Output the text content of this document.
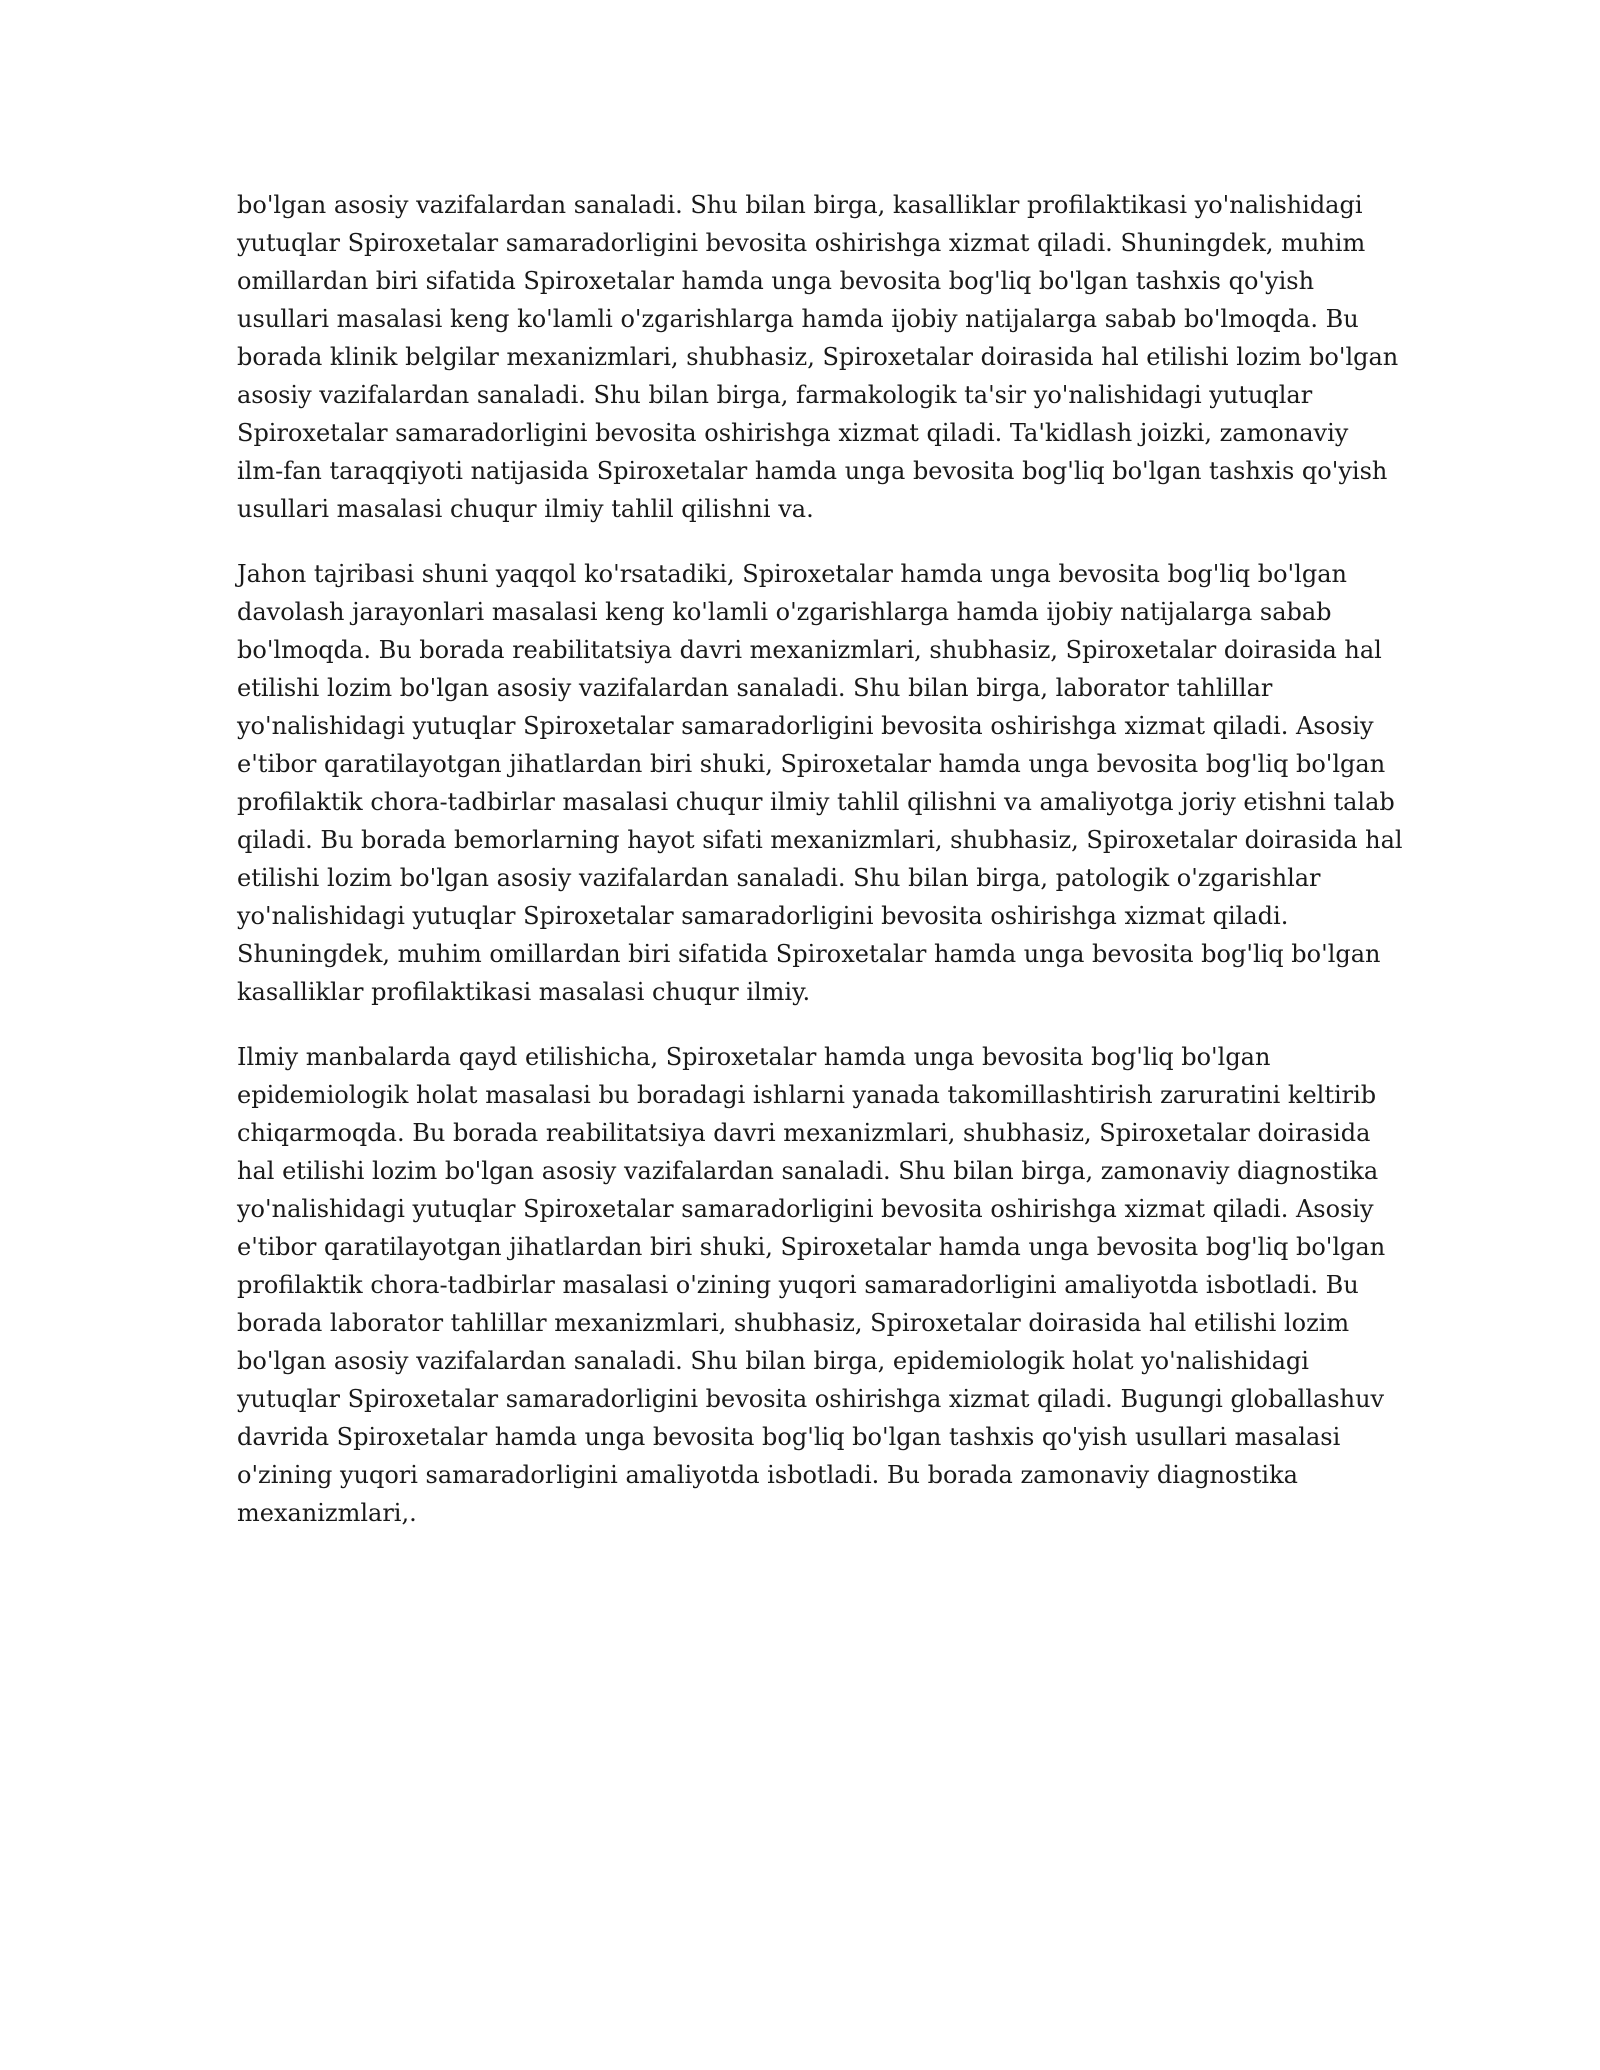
bo'lgan asosiy vazifalardan sanaladi. Shu bilan birga, kasalliklar profilaktikasi yo'nalishidagi
yutuqlar Spiroxetalar samaradorligini bevosita oshirishga xizmat qiladi. Shuningdek, muhim
omillardan biri sifatida Spiroxetalar hamda unga bevosita bog'liq bo'lgan tashxis qo'yish
usullari masalasi keng ko'lamli o'zgarishlarga hamda ijobiy natijalarga sabab bo'lmoqda. Bu
borada klinik belgilar mexanizmlari, shubhasiz, Spiroxetalar doirasida hal etilishi lozim bo'lgan
asosiy vazifalardan sanaladi. Shu bilan birga, farmakologik ta'sir yo'nalishidagi yutuqlar
Spiroxetalar samaradorligini bevosita oshirishga xizmat qiladi. Ta'kidlash joizki, zamonaviy
ilm-fan taraqqiyoti natijasida Spiroxetalar hamda unga bevosita bog'liq bo'lgan tashxis qo'yish
usullari masalasi chuqur ilmiy tahlil qilishni va.

Jahon tajribasi shuni yaqqol ko'rsatadiki, Spiroxetalar hamda unga bevosita bog'liq bo'lgan
davolash jarayonlari masalasi keng ko'lamli o'zgarishlarga hamda ijobiy natijalarga sabab
bo'lmoqda. Bu borada reabilitatsiya davri mexanizmlari, shubhasiz, Spiroxetalar doirasida hal
etilishi lozim bo'lgan asosiy vazifalardan sanaladi. Shu bilan birga, laborator tahlillar
yo'nalishidagi yutuqlar Spiroxetalar samaradorligini bevosita oshirishga xizmat qiladi. Asosiy
e'tibor qaratilayotgan jihatlardan biri shuki, Spiroxetalar hamda unga bevosita bog'liq bo'lgan
profilaktik chora-tadbirlar masalasi chuqur ilmiy tahlil qilishni va amaliyotga joriy etishni talab
qiladi. Bu borada bemorlarning hayot sifati mexanizmlari, shubhasiz, Spiroxetalar doirasida hal
etilishi lozim bo'lgan asosiy vazifalardan sanaladi. Shu bilan birga, patologik o'zgarishlar
yo'nalishidagi yutuqlar Spiroxetalar samaradorligini bevosita oshirishga xizmat qiladi.
Shuningdek, muhim omillardan biri sifatida Spiroxetalar hamda unga bevosita bog'liq bo'lgan
kasalliklar profilaktikasi masalasi chuqur ilmiy.

Ilmiy manbalarda qayd etilishicha, Spiroxetalar hamda unga bevosita bog'liq bo'lgan
epidemiologik holat masalasi bu boradagi ishlarni yanada takomillashtirish zaruratini keltirib
chiqarmoqda. Bu borada reabilitatsiya davri mexanizmlari, shubhasiz, Spiroxetalar doirasida
hal etilishi lozim bo'lgan asosiy vazifalardan sanaladi. Shu bilan birga, zamonaviy diagnostika
yo'nalishidagi yutuqlar Spiroxetalar samaradorligini bevosita oshirishga xizmat qiladi. Asosiy
e'tibor qaratilayotgan jihatlardan biri shuki, Spiroxetalar hamda unga bevosita bog'liq bo'lgan
profilaktik chora-tadbirlar masalasi o'zining yuqori samaradorligini amaliyotda isbotladi. Bu
borada laborator tahlillar mexanizmlari, shubhasiz, Spiroxetalar doirasida hal etilishi lozim
bo'lgan asosiy vazifalardan sanaladi. Shu bilan birga, epidemiologik holat yo'nalishidagi
yutuqlar Spiroxetalar samaradorligini bevosita oshirishga xizmat qiladi. Bugungi globallashuv
davrida Spiroxetalar hamda unga bevosita bog'liq bo'lgan tashxis qo'yish usullari masalasi
o'zining yuqori samaradorligini amaliyotda isbotladi. Bu borada zamonaviy diagnostika
mexanizmlari,.
